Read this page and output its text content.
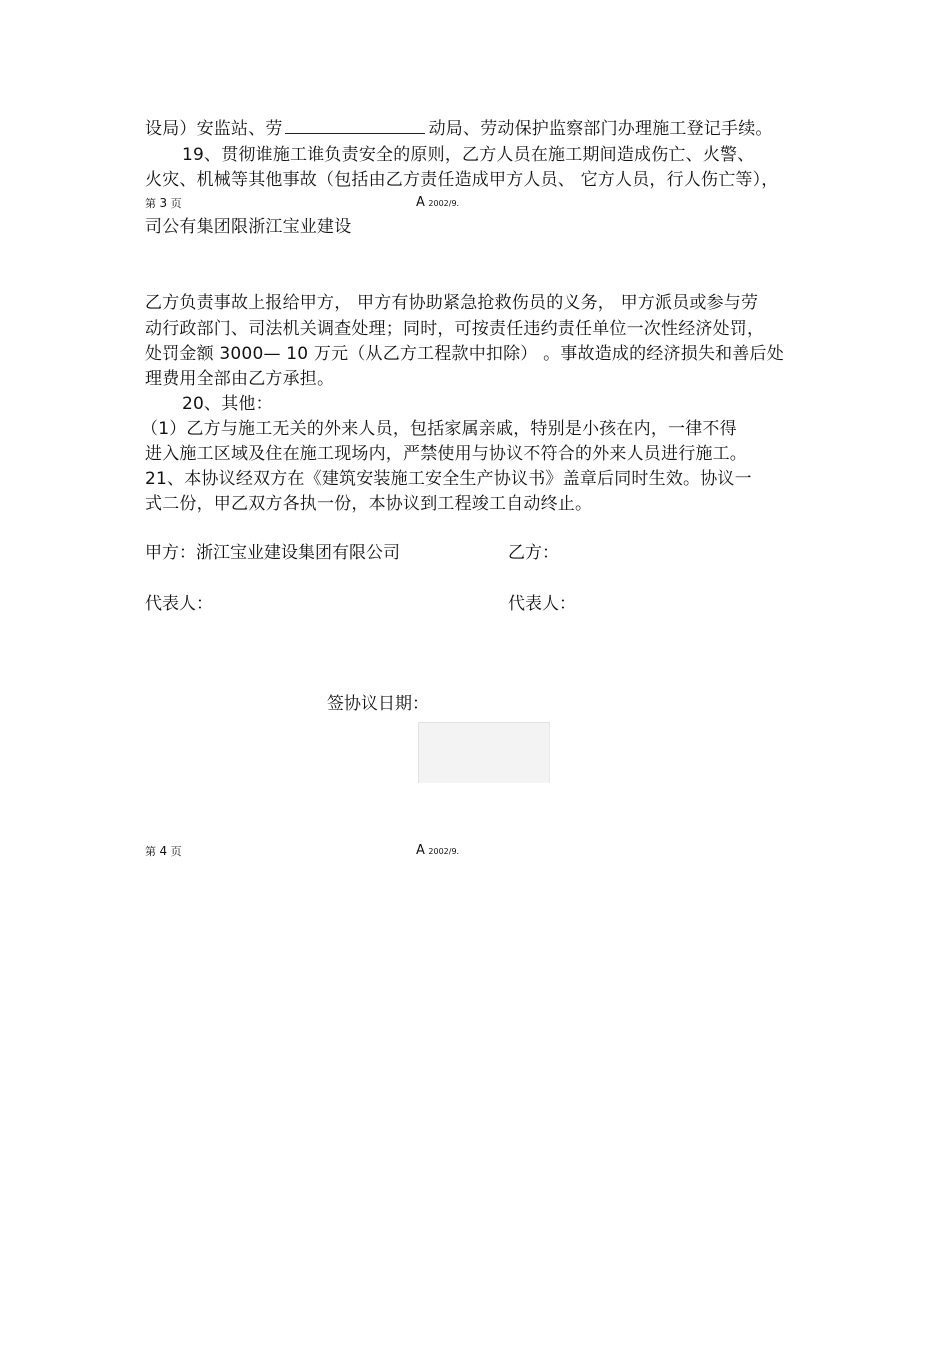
设局）安监站、劳	动局、劳动保护监察部门办理施工登记手续。
19、贯彻谁施工谁负责安全的原则，乙方人员在施工期间造成伤亡、火警、
火灾、机械等其他事故（包括由乙方责任造成甲方人员、 它方人员，行人伤亡等），
第 3 页	A 2002/9.
司公有集团限浙江宝业建设
乙方负责事故上报给甲方， 甲方有协助紧急抢救伤员的义务， 甲方派员或参与劳
动行政部门、司法机关调查处理；同时，可按责任违约责任单位一次性经济处罚，
处罚金额 3000— 10 万元（从乙方工程款中扣除） 。事故造成的经济损失和善后处
理费用全部由乙方承担。
20、其他：
（1）乙方与施工无关的外来人员，包括家属亲戚，特别是小孩在内，一律不得
进入施工区域及住在施工现场内，严禁使用与协议不符合的外来人员进行施工。
21、本协议经双方在《建筑安装施工安全生产协议书》盖章后同时生效。协议一
式二份，甲乙双方各执一份，本协议到工程竣工自动终止。
甲方：浙江宝业建设集团有限公司	乙方：
代表人：	代表人：
签协议日期：
第 4 页	A 2002/9.
